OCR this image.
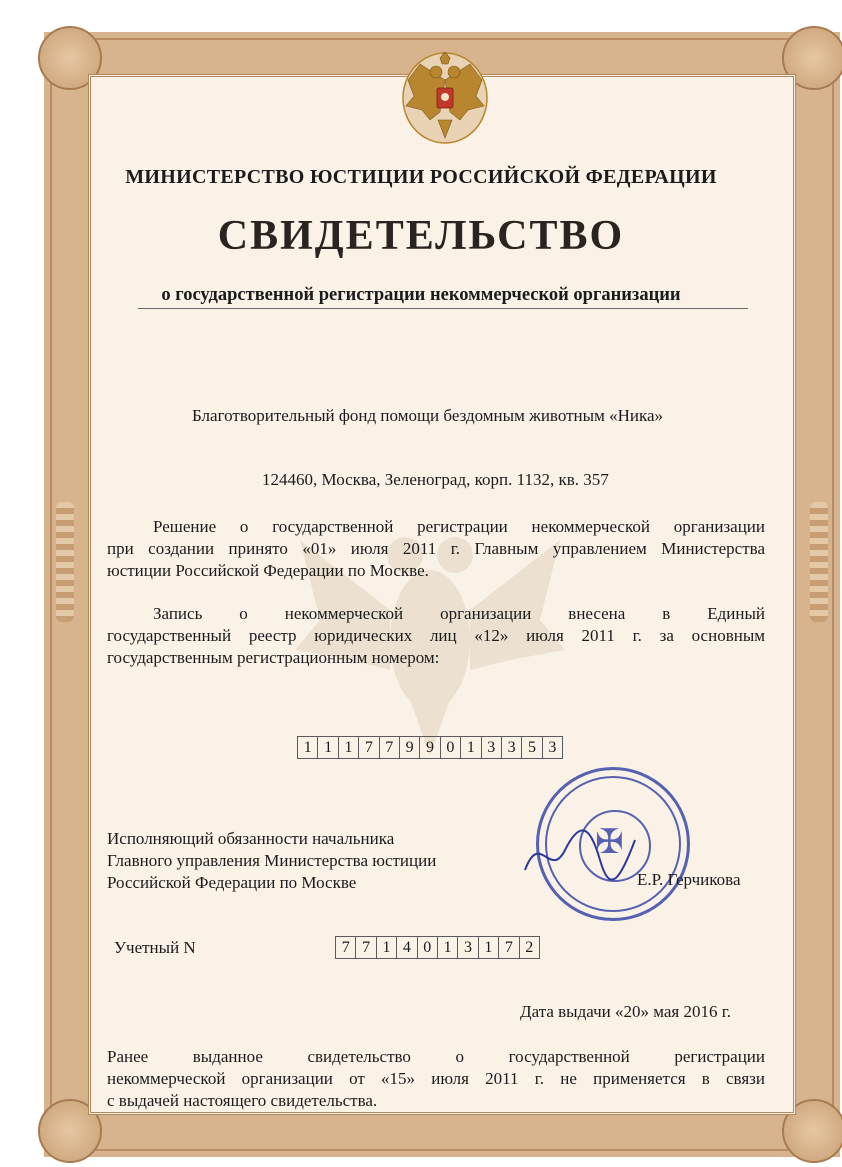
МИНИСТЕРСТВО ЮСТИЦИИ РОССИЙСКОЙ ФЕДЕРАЦИИ
СВИДЕТЕЛЬСТВО
о государственной регистрации некоммерческой организации
Благотворительный фонд помощи бездомным животным «Ника»
124460, Москва, Зеленоград, корп. 1132, кв. 357
Решение о государственной регистрации некоммерческой организации
при создании принято «01» июля 2011 г. Главным управлением Министерства
юстиции Российской Федерации по Москве.
Запись о некоммерческой организации внесена в Единый
государственный реестр юридических лиц «12» июля 2011 г. за основным
государственным регистрационным номером:
1 1 1 7 7 9 9 0 1 3 3 5 3
Исполняющий обязанности начальника
Главного управления Министерства юстиции
Российской Федерации по Москве
✠
Е.Р. Герчикова
Учетный N	7 7 1 4 0 1 3 1 7 2
Дата выдачи «20» мая 2016 г.
Ранее выданное свидетельство о государственной регистрации
некоммерческой организации от «15» июля 2011 г. не применяется в связи
с выдачей настоящего свидетельства.
